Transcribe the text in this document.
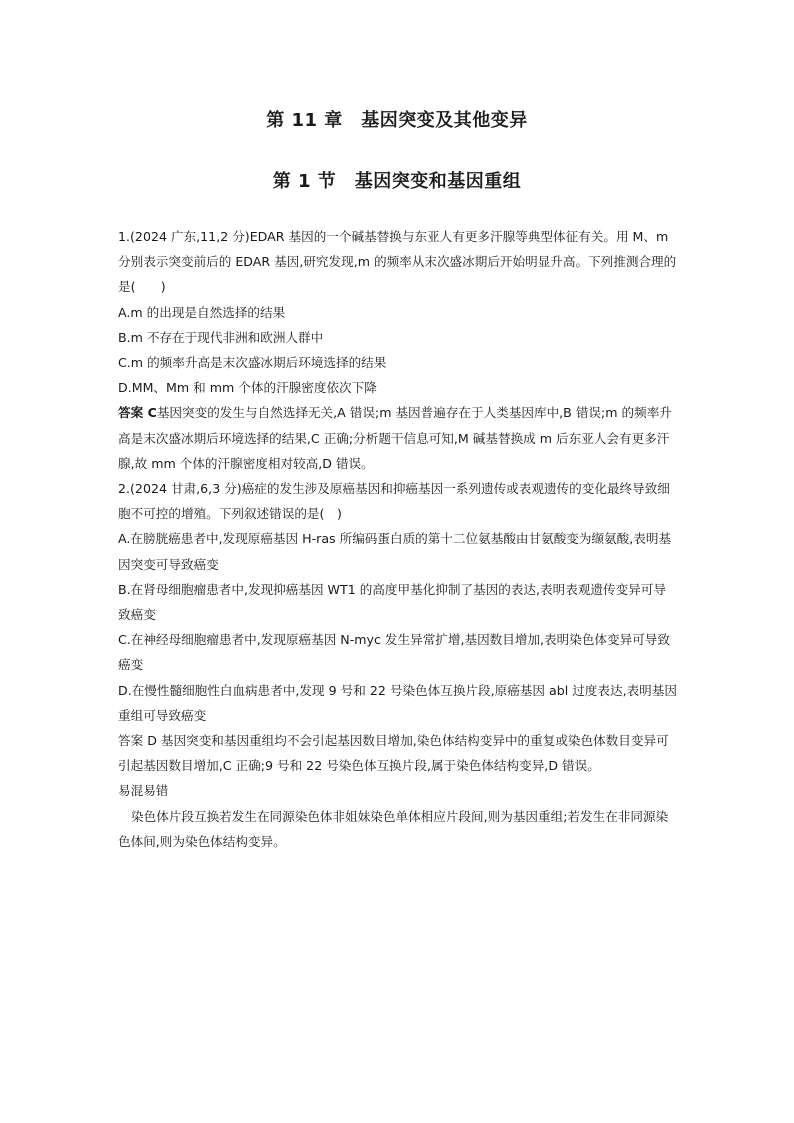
第 11 章　基因突变及其他变异
第 1 节　基因突变和基因重组

1.(2024 广东,11,2 分)EDAR 基因的一个碱基替换与东亚人有更多汗腺等典型体征有关。用 M、m 分别表示突变前后的 EDAR 基因,研究发现,m 的频率从末次盛冰期后开始明显升高。下列推测合理的是(　　)

A.m 的出现是自然选择的结果

B.m 不存在于现代非洲和欧洲人群中

C.m 的频率升高是末次盛冰期后环境选择的结果

D.MM、Mm 和 mm 个体的汗腺密度依次下降

答案 C基因突变的发生与自然选择无关,A 错误;m 基因普遍存在于人类基因库中,B 错误;m 的频率升高是末次盛冰期后环境选择的结果,C 正确;分析题干信息可知,M 碱基替换成 m 后东亚人会有更多汗腺,故 mm 个体的汗腺密度相对较高,D 错误。

2.(2024 甘肃,6,3 分)癌症的发生涉及原癌基因和抑癌基因一系列遗传或表观遗传的变化最终导致细胞不可控的增殖。下列叙述错误的是(　)

A.在膀胱癌患者中,发现原癌基因 H-ras 所编码蛋白质的第十二位氨基酸由甘氨酸变为缬氨酸,表明基因突变可导致癌变

B.在肾母细胞瘤患者中,发现抑癌基因 WT1 的高度甲基化抑制了基因的表达,表明表观遗传变异可导致癌变

C.在神经母细胞瘤患者中,发现原癌基因 N-myc 发生异常扩增,基因数目增加,表明染色体变异可导致癌变

D.在慢性髓细胞性白血病患者中,发现 9 号和 22 号染色体互换片段,原癌基因 abl 过度表达,表明基因重组可导致癌变

答案 D 基因突变和基因重组均不会引起基因数目增加,染色体结构变异中的重复或染色体数目变异可引起基因数目增加,C 正确;9 号和 22 号染色体互换片段,属于染色体结构变异,D 错误。

易混易错

染色体片段互换若发生在同源染色体非姐妹染色单体相应片段间,则为基因重组;若发生在非同源染色体间,则为染色体结构变异。
